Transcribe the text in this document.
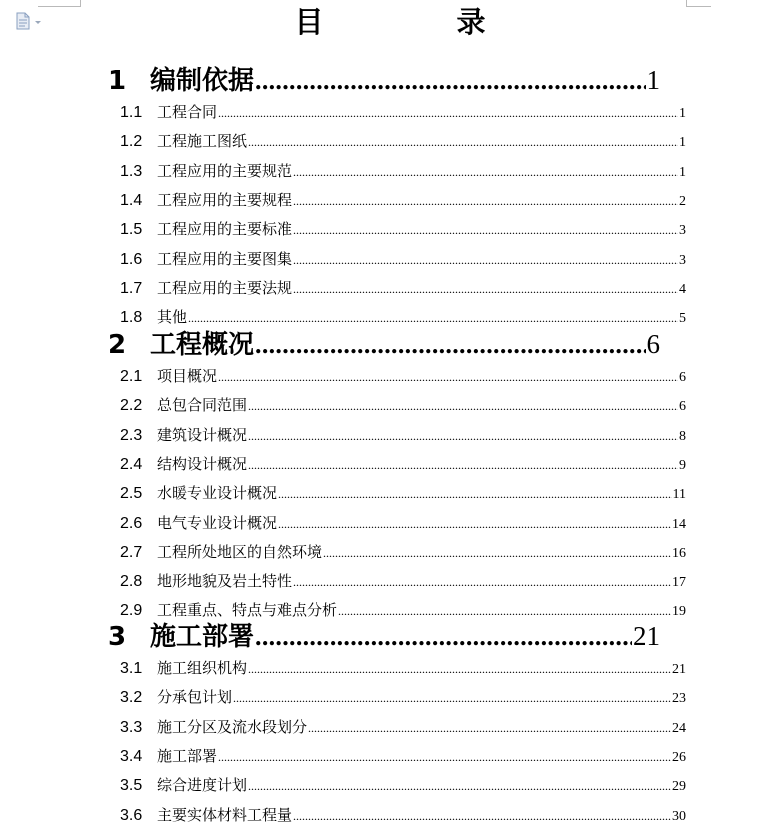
目　录
1 编制依据 .....	1
1.1 工程合同 .....	1
1.2 工程施工图纸 .....	1
1.3 工程应用的主要规范 .....	1
1.4 工程应用的主要规程 .....	2
1.5 工程应用的主要标准 .....	3
1.6 工程应用的主要图集 .....	3
1.7 工程应用的主要法规 .....	4
1.8 其他 .....	5
2 工程概况 .....	6
2.1 项目概况 .....	6
2.2 总包合同范围 .....	6
2.3 建筑设计概况 .....	8
2.4 结构设计概况 .....	9
2.5 水暖专业设计概况 .....	11
2.6 电气专业设计概况 .....	14
2.7 工程所处地区的自然环境 .....	16
2.8 地形地貌及岩土特性 .....	17
2.9 工程重点、特点与难点分析 .....	19
3 施工部署 .....	21
3.1 施工组织机构 .....	21
3.2 分承包计划 .....	23
3.3 施工分区及流水段划分 .....	24
3.4 施工部署 .....	26
3.5 综合进度计划 .....	29
3.6 主要实体材料工程量 .....	30
